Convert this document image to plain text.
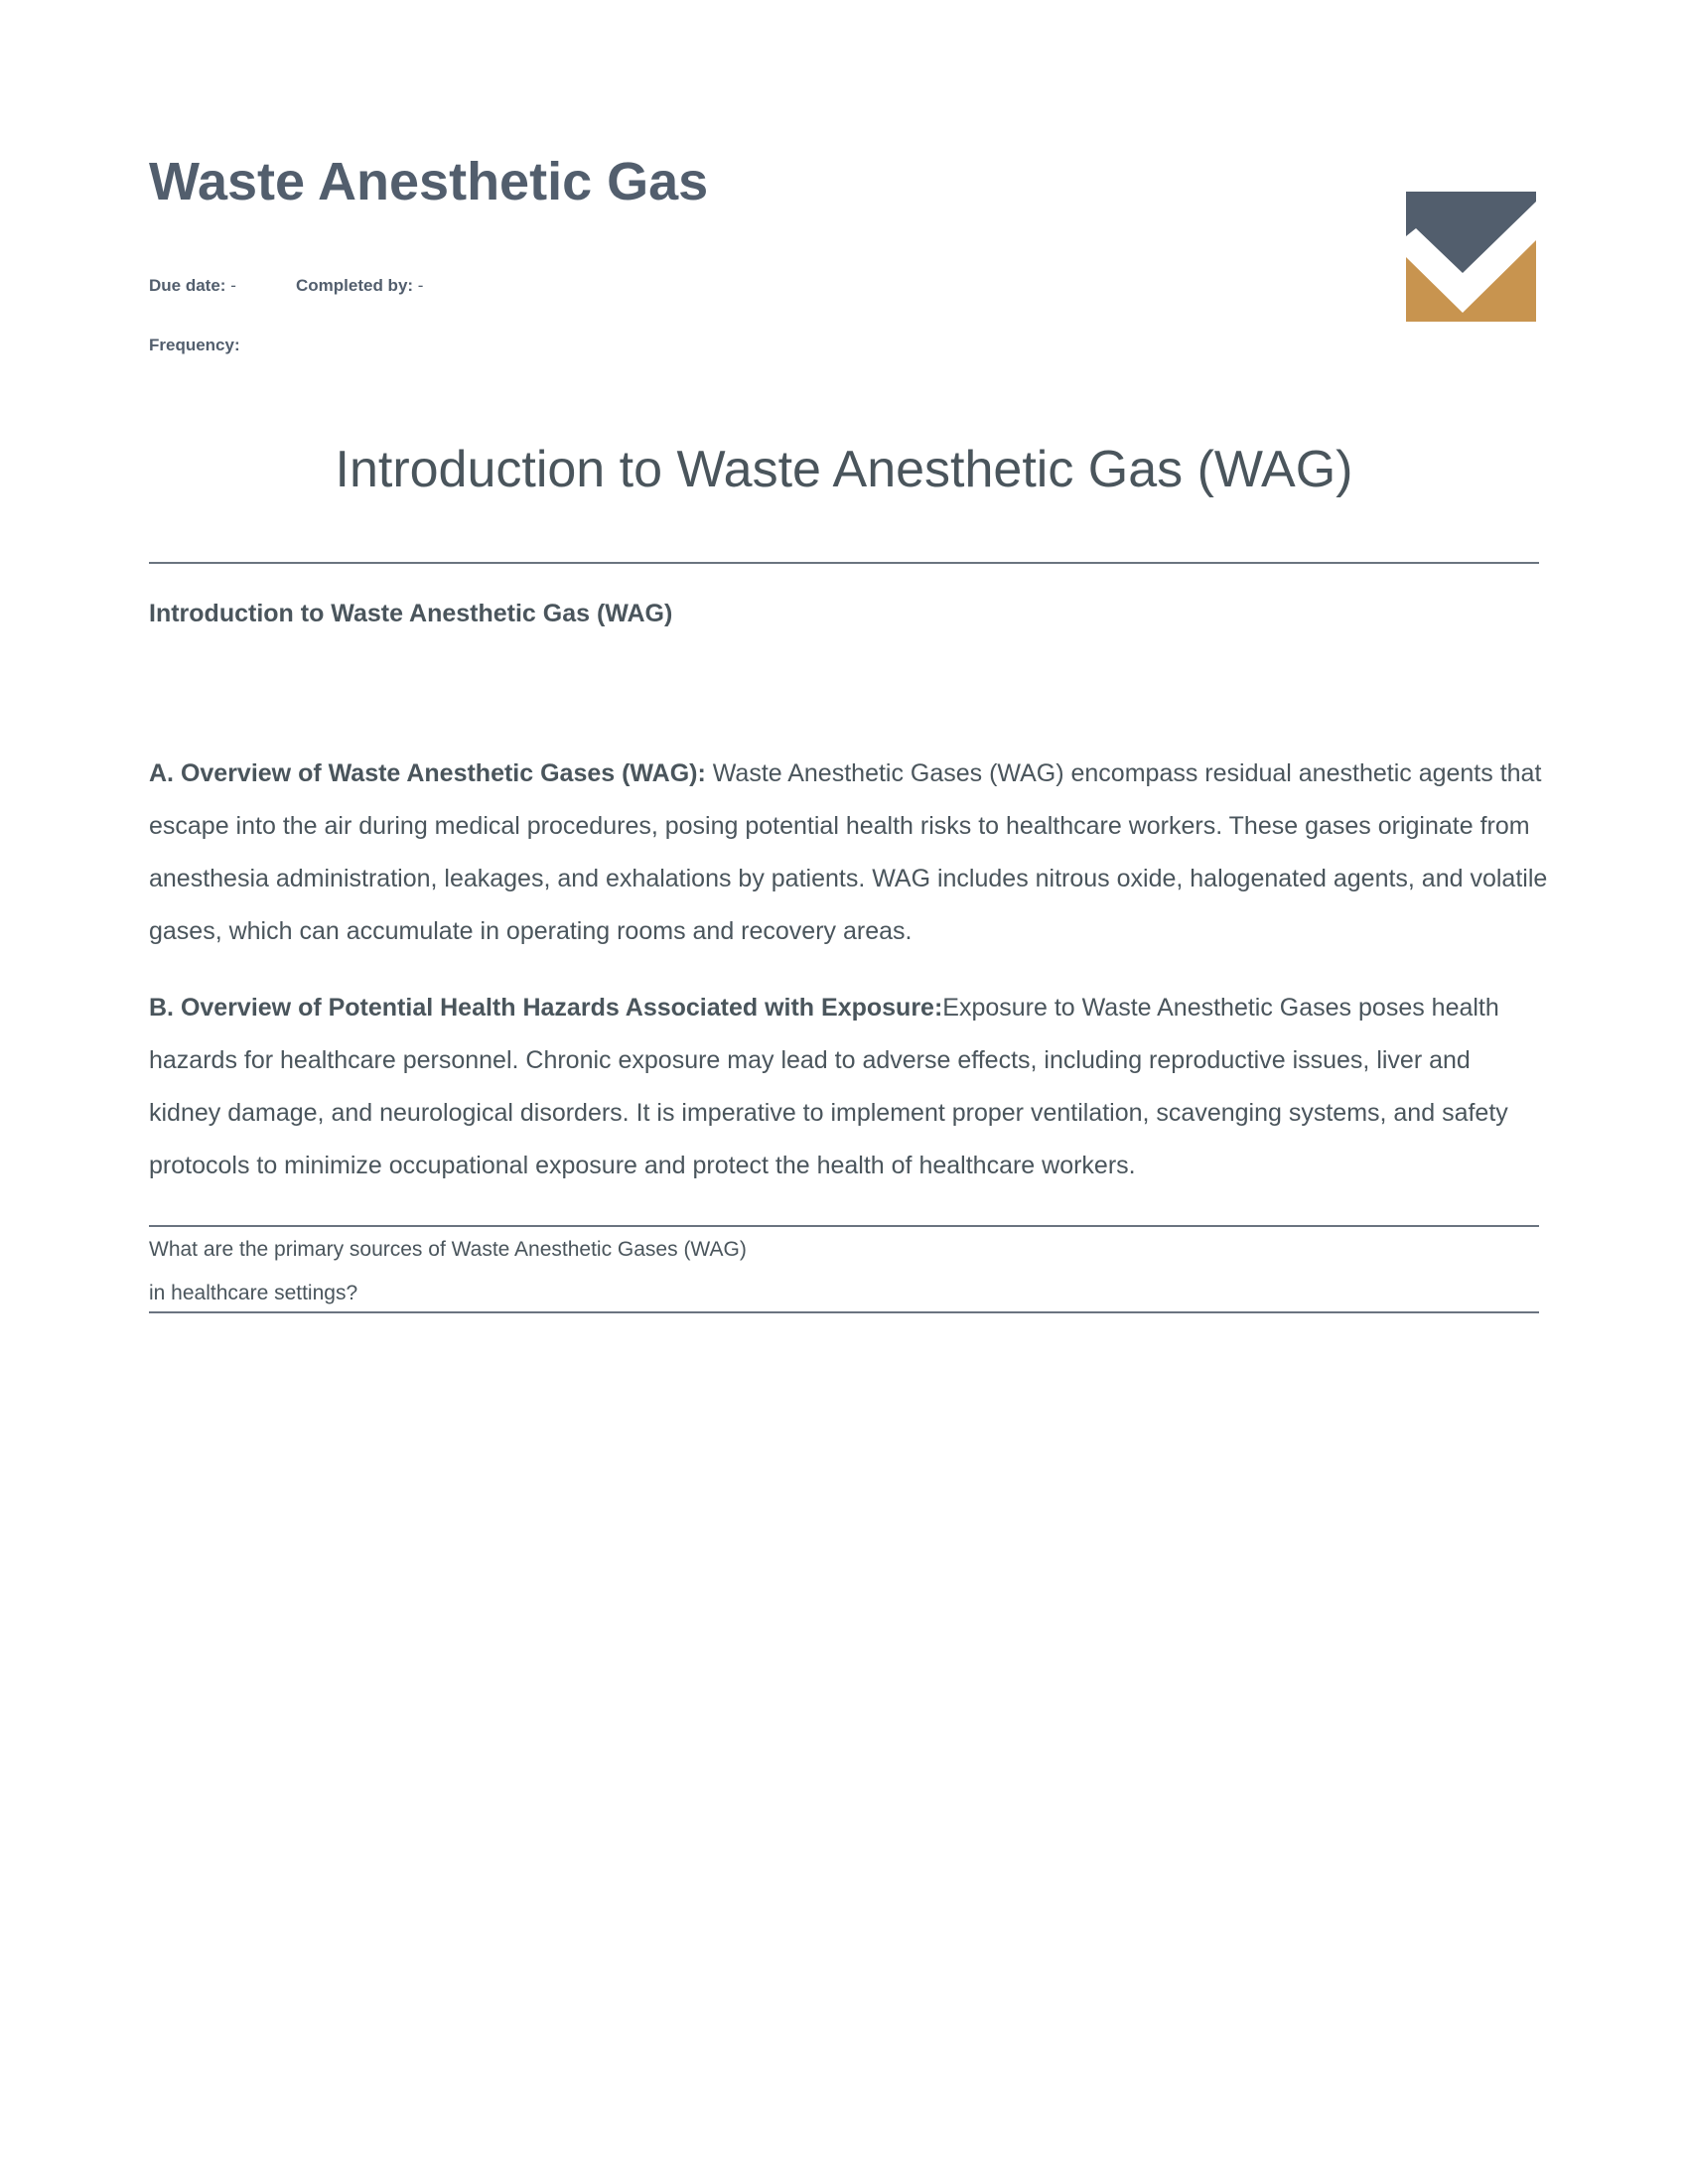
Waste Anesthetic Gas
Due date: -	Completed by: -
Frequency:
Introduction to Waste Anesthetic Gas (WAG)
Introduction to Waste Anesthetic Gas (WAG)

A. Overview of Waste Anesthetic Gases (WAG): Waste Anesthetic Gases (WAG) encompass residual anesthetic agents that escape into the air during medical procedures, posing potential health risks to healthcare workers. These gases originate from anesthesia administration, leakages, and exhalations by patients. WAG includes nitrous oxide, halogenated agents, and volatile gases, which can accumulate in operating rooms and recovery areas.

B. Overview of Potential Health Hazards Associated with Exposure:Exposure to Waste Anesthetic Gases poses health hazards for healthcare personnel. Chronic exposure may lead to adverse effects, including reproductive issues, liver and kidney damage, and neurological disorders. It is imperative to implement proper ventilation, scavenging systems, and safety protocols to minimize occupational exposure and protect the health of healthcare workers.

What are the primary sources of Waste Anesthetic Gases (WAG)
in healthcare settings?
